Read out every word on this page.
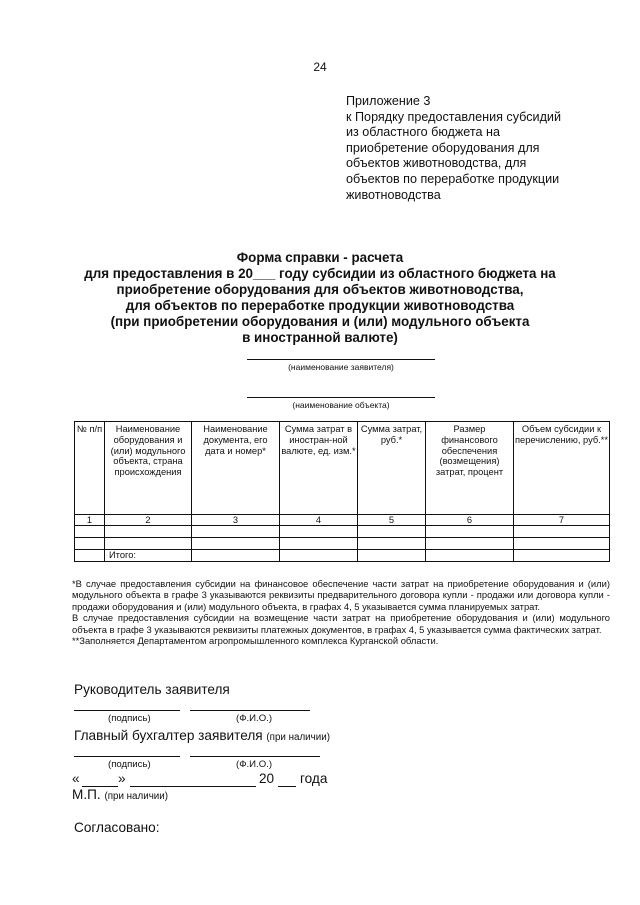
24
Приложение 3
к Порядку предоставления субсидий
из областного бюджета на
приобретение оборудования для
объектов животноводства, для
объектов по переработке продукции
животноводства
Форма справки - расчета
для предоставления в 20___ году субсидии из областного бюджета на
приобретение оборудования для объектов животноводства,
для объектов по переработке продукции животноводства
(при приобретении оборудования и (или) модульного объекта
в иностранной валюте)
(наименование заявителя)
(наименование объекта)
№ п/п	Наименование оборудования и (или) модульного объекта, страна происхождения	Наименование документа, его дата и номер*	Сумма затрат в иностран-ной валюте, ед. изм.*	Сумма затрат, руб.*	Размер финансового обеспечения (возмещения) затрат, процент	Объем субсидии к перечислению, руб.**
1	2	3	4	5	6	7

	Итого:					

*В случае предоставления субсидии на финансовое обеспечение части затрат на приобретение оборудования и (или) модульного объекта в графе 3 указываются реквизиты предварительного договора купли - продажи или договора купли - продажи оборудования и (или) модульного объекта, в графах 4, 5 указывается сумма планируемых затрат.

В случае предоставления субсидии на возмещение части затрат на приобретение оборудования и (или) модульного объекта в графе 3 указываются реквизиты платежных документов, в графах 4, 5 указывается сумма фактических затрат.

**Заполняется Департаментом агропромышленного комплекса Курганской области.

Руководитель заявителя
(подпись)	(Ф.И.О.)
Главный бухгалтер заявителя (при наличии)
(подпись)	(Ф.И.О.)
«	»	20 года
М.П. (при наличии)
Согласовано:
